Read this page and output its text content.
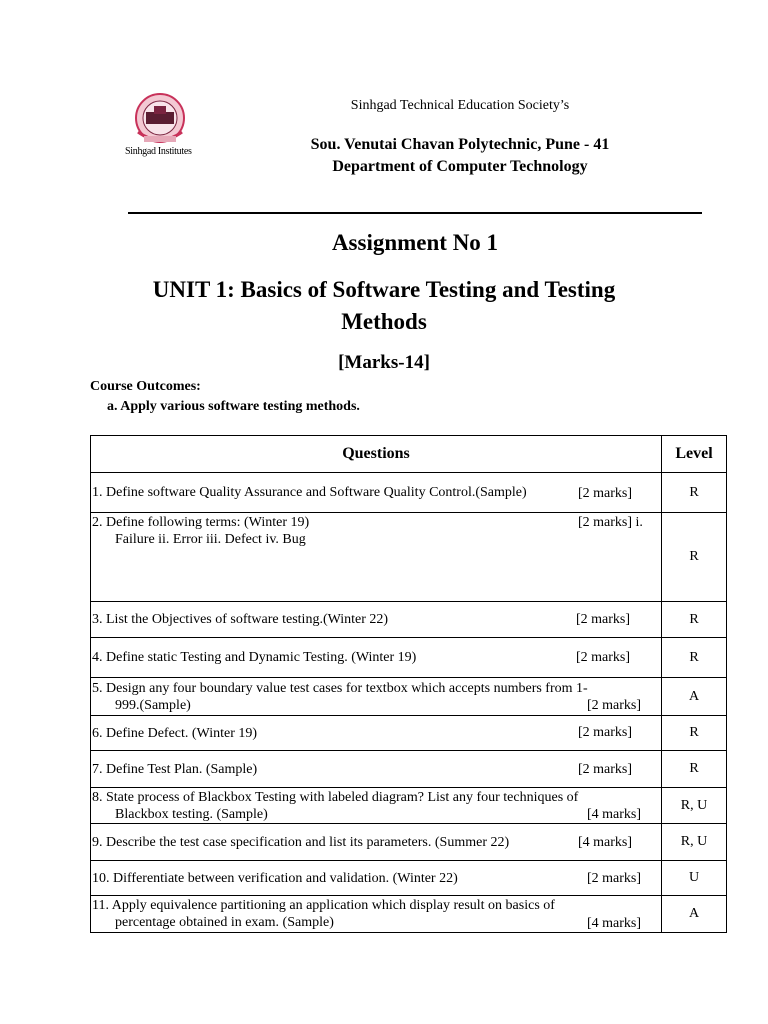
Sinhgad Institutes
Sinhgad Technical Education Society’s
Sou. Venutai Chavan Polytechnic, Pune - 41
Department of Computer Technology
Assignment No 1
UNIT 1: Basics of Software Testing and Testing Methods
[Marks-14]
Course Outcomes:
a. Apply various software testing methods.
Questions	Level

1. Define software Quality Assurance and Software Quality Control.(Sample) [2 marks]	R

2. Define following terms: (Winter 19)
Failure ii. Error iii. Defect iv. Bug
[2 marks] i.	R

3. List the Objectives of software testing.(Winter 22) [2 marks]	R

4. Define static Testing and Dynamic Testing. (Winter 19) [2 marks]	R

5. Design any four boundary value test cases for textbox which accepts numbers from 1-
999.(Sample) [2 marks]	A

6. Define Defect. (Winter 19) [2 marks]	R

7. Define Test Plan. (Sample) [2 marks]	R

8. State process of Blackbox Testing with labeled diagram? List any four techniques of
Blackbox testing. (Sample) [4 marks]	R, U

9. Describe the test case specification and list its parameters. (Summer 22) [4 marks]	R, U

10. Differentiate between verification and validation. (Winter 22) [2 marks]	U

11. Apply equivalence partitioning an application which display result on basics of
percentage obtained in exam. (Sample) [4 marks]	A
